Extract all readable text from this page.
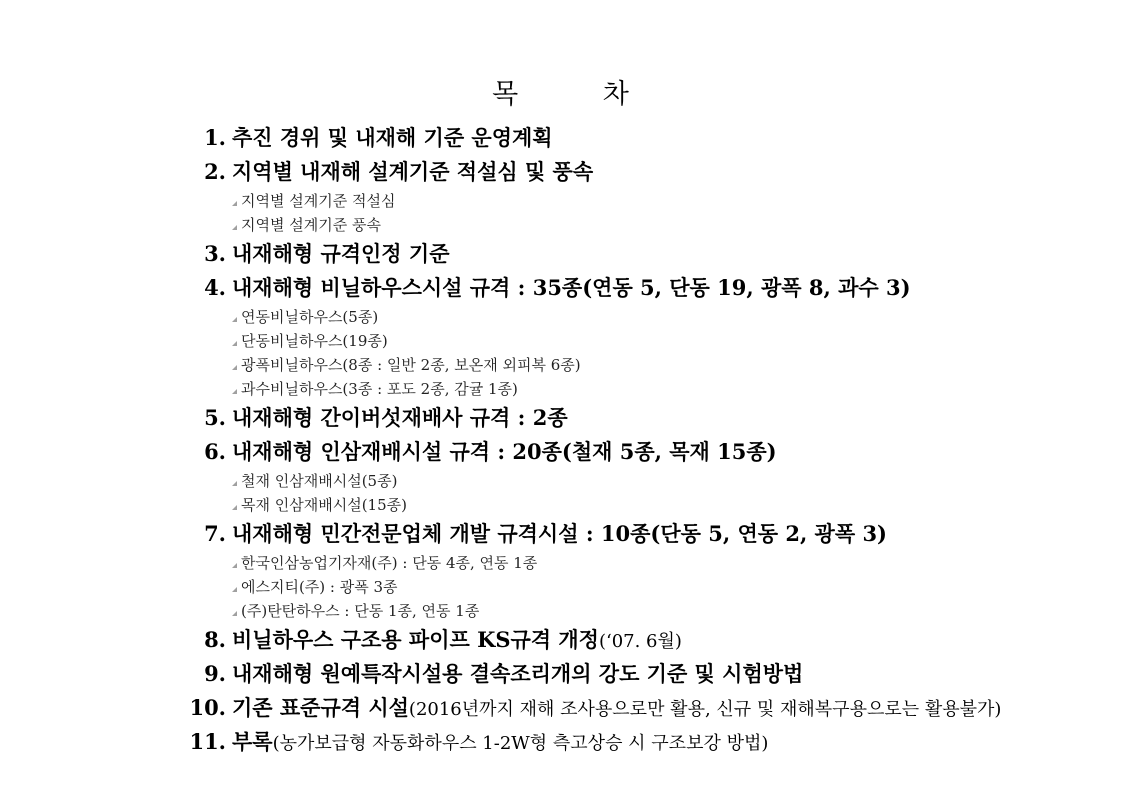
목 차
1. 추진 경위 및 내재해 기준 운영계획
2. 지역별 내재해 설계기준 적설심 및 풍속
지역별 설계기준 적설심
지역별 설계기준 풍속
3. 내재해형 규격인정 기준
4. 내재해형 비닐하우스시설 규격 : 35종(연동 5, 단동 19, 광폭 8, 과수 3)
연동비닐하우스(5종)
단동비닐하우스(19종)
광폭비닐하우스(8종 : 일반 2종, 보온재 외피복 6종)
과수비닐하우스(3종 : 포도 2종, 감귤 1종)
5. 내재해형 간이버섯재배사 규격 : 2종
6. 내재해형 인삼재배시설 규격 : 20종(철재 5종, 목재 15종)
철재 인삼재배시설(5종)
목재 인삼재배시설(15종)
7. 내재해형 민간전문업체 개발 규격시설 : 10종(단동 5, 연동 2, 광폭 3)
한국인삼농업기자재(주) : 단동 4종, 연동 1종
에스지티(주) : 광폭 3종
(주)탄탄하우스 : 단동 1종, 연동 1종
8. 비닐하우스 구조용 파이프 KS규격 개정(‘07. 6월)
9. 내재해형 원예특작시설용 결속조리개의 강도 기준 및 시험방법
10. 기존 표준규격 시설(2016년까지 재해 조사용으로만 활용, 신규 및 재해복구용으로는 활용불가)
11. 부록(농가보급형 자동화하우스 1-2W형 측고상승 시 구조보강 방법)
